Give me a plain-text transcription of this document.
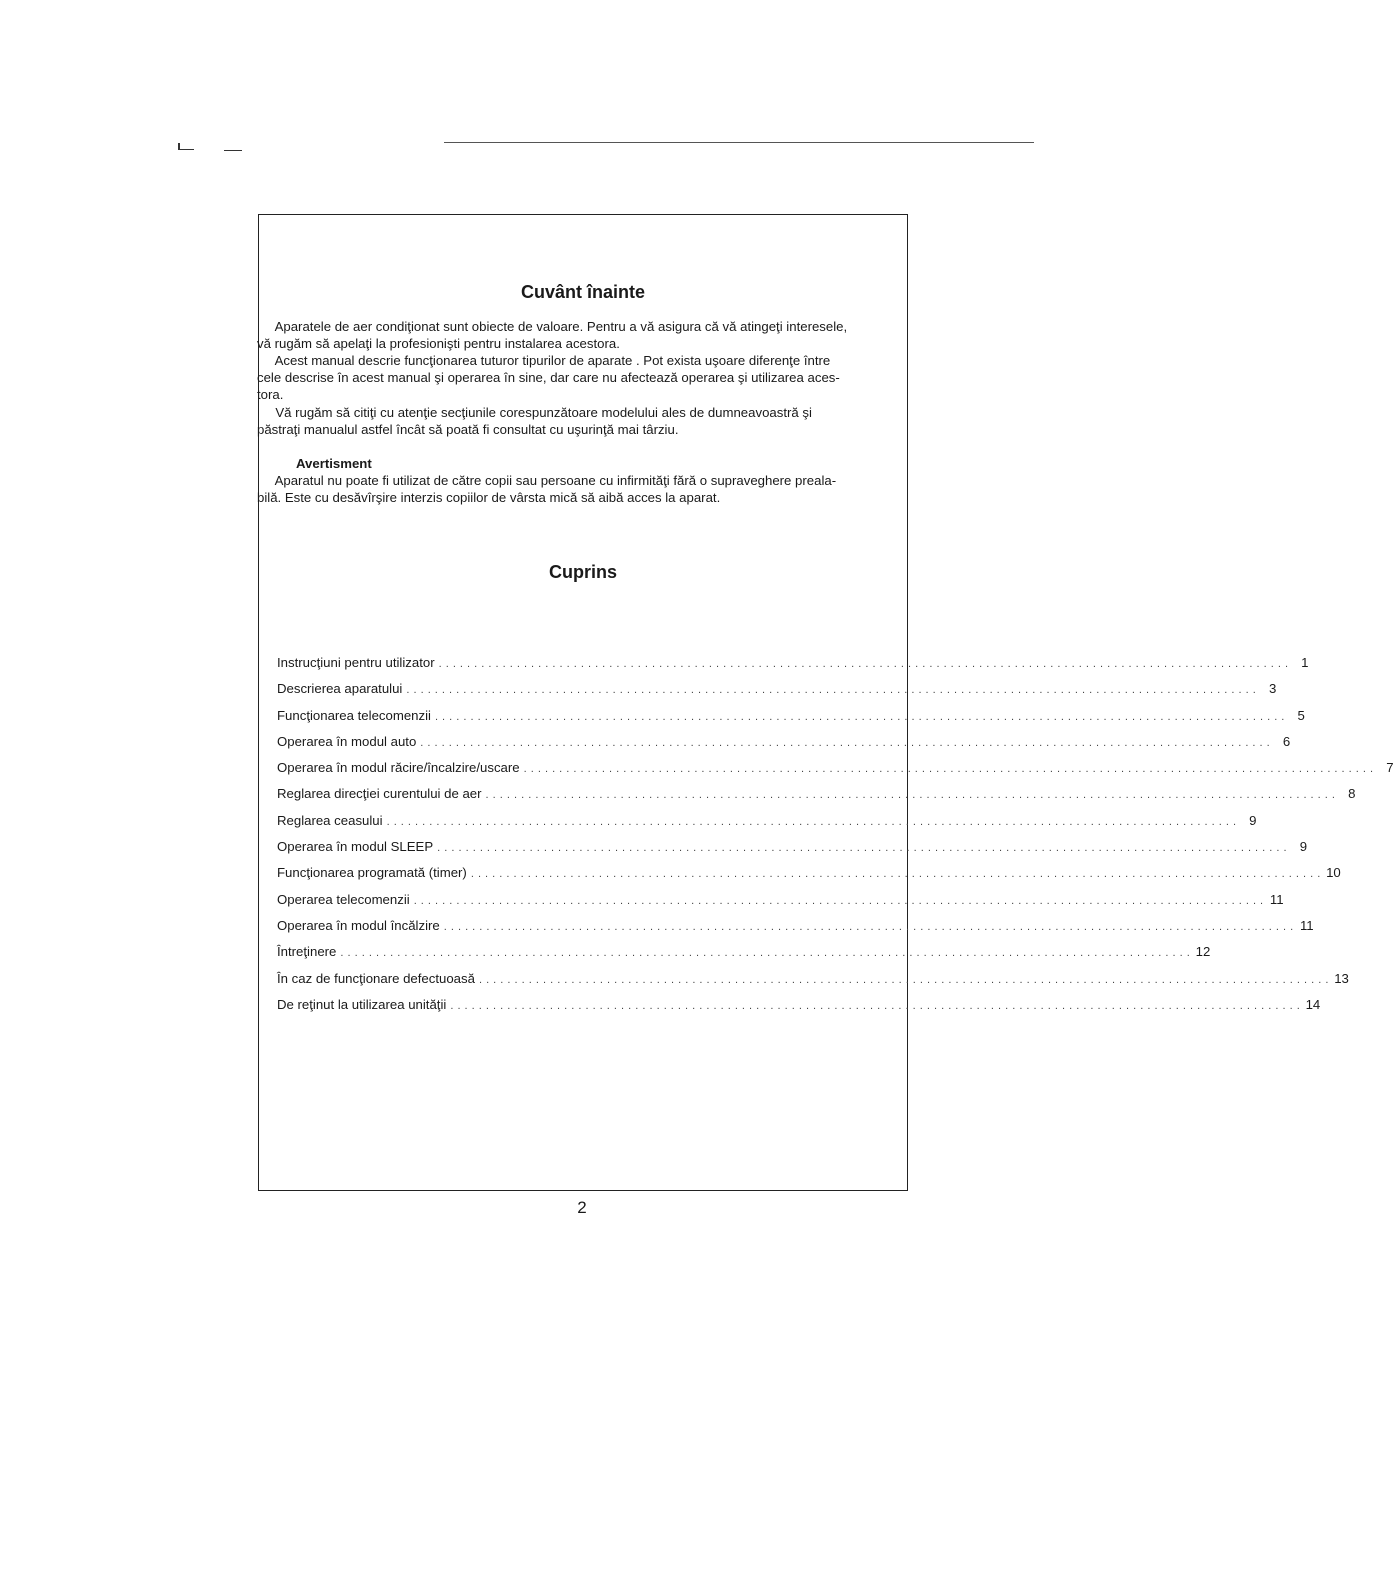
Cuvânt înainte

Aparatele de aer condiţionat sunt obiecte de valoare. Pentru a vă asigura că vă atingeţi interesele,
vă rugăm să apelaţi la profesionişti pentru instalarea acestora.

Acest manual descrie funcţionarea tuturor tipurilor de aparate . Pot exista uşoare diferenţe între
cele descrise în acest manual şi operarea în sine, dar care nu afectează operarea şi utilizarea aces-
tora.

Vă rugăm să citiţi cu atenţie secţiunile corespunzătoare modelului ales de dumneavoastră şi
păstraţi manualul astfel încât să poată fi consultat cu uşurinţă mai târziu.

Avertisment

Aparatul nu poate fi utilizat de către copii sau persoane cu infirmităţi fără o supraveghere preala-
bilă. Este cu desăvîrşire interzis copiilor de vârsta mică să aibă acces la aparat.

Cuprins
Instrucţiuni pentru utilizator . . . . . . . . . . . . . . . . . . . . . . . . . . . . . . . . . . . . . . . . . . . . . . . . . . . . . . . . . . . . . . . . . . . . . . . . . . . . . . . . . . . . . . . . . . . . . . . . . . . . . . . . . . . . . . . . . . . . . . . . 1
Descrierea aparatului . . . . . . . . . . . . . . . . . . . . . . . . . . . . . . . . . . . . . . . . . . . . . . . . . . . . . . . . . . . . . . . . . . . . . . . . . . . . . . . . . . . . . . . . . . . . . . . . . . . . . . . . . . . . . . . . . . . . . . . . 3
Funcţionarea telecomenzii . . . . . . . . . . . . . . . . . . . . . . . . . . . . . . . . . . . . . . . . . . . . . . . . . . . . . . . . . . . . . . . . . . . . . . . . . . . . . . . . . . . . . . . . . . . . . . . . . . . . . . . . . . . . . . . . . . . . . . . . 5
Operarea în modul auto . . . . . . . . . . . . . . . . . . . . . . . . . . . . . . . . . . . . . . . . . . . . . . . . . . . . . . . . . . . . . . . . . . . . . . . . . . . . . . . . . . . . . . . . . . . . . . . . . . . . . . . . . . . . . . . . . . . . . . . . 6
Operarea în modul răcire/încalzire/uscare . . . . . . . . . . . . . . . . . . . . . . . . . . . . . . . . . . . . . . . . . . . . . . . . . . . . . . . . . . . . . . . . . . . . . . . . . . . . . . . . . . . . . . . . . . . . . . . . . . . . . . . . . . . . . . . . . . . . . . . . 7
Reglarea direcţiei curentului de aer . . . . . . . . . . . . . . . . . . . . . . . . . . . . . . . . . . . . . . . . . . . . . . . . . . . . . . . . . . . . . . . . . . . . . . . . . . . . . . . . . . . . . . . . . . . . . . . . . . . . . . . . . . . . . . . . . . . . . . . . 8
Reglarea ceasului . . . . . . . . . . . . . . . . . . . . . . . . . . . . . . . . . . . . . . . . . . . . . . . . . . . . . . . . . . . . . . . . . . . . . . . . . . . . . . . . . . . . . . . . . . . . . . . . . . . . . . . . . . . . . . . . . . . . . . . . 9
Operarea în modul SLEEP . . . . . . . . . . . . . . . . . . . . . . . . . . . . . . . . . . . . . . . . . . . . . . . . . . . . . . . . . . . . . . . . . . . . . . . . . . . . . . . . . . . . . . . . . . . . . . . . . . . . . . . . . . . . . . . . . . . . . . . . 9
Funcţionarea programată (timer) . . . . . . . . . . . . . . . . . . . . . . . . . . . . . . . . . . . . . . . . . . . . . . . . . . . . . . . . . . . . . . . . . . . . . . . . . . . . . . . . . . . . . . . . . . . . . . . . . . . . . . . . . . . . . . . . . . . . . . . . 10
Operarea telecomenzii . . . . . . . . . . . . . . . . . . . . . . . . . . . . . . . . . . . . . . . . . . . . . . . . . . . . . . . . . . . . . . . . . . . . . . . . . . . . . . . . . . . . . . . . . . . . . . . . . . . . . . . . . . . . . . . . . . . . . . . . 11
Operarea în modul încălzire . . . . . . . . . . . . . . . . . . . . . . . . . . . . . . . . . . . . . . . . . . . . . . . . . . . . . . . . . . . . . . . . . . . . . . . . . . . . . . . . . . . . . . . . . . . . . . . . . . . . . . . . . . . . . . . . . . . . . . . . 11
Întreţinere . . . . . . . . . . . . . . . . . . . . . . . . . . . . . . . . . . . . . . . . . . . . . . . . . . . . . . . . . . . . . . . . . . . . . . . . . . . . . . . . . . . . . . . . . . . . . . . . . . . . . . . . . . . . . . . . . . . . . . . . 12
În caz de funcţionare defectuoasă . . . . . . . . . . . . . . . . . . . . . . . . . . . . . . . . . . . . . . . . . . . . . . . . . . . . . . . . . . . . . . . . . . . . . . . . . . . . . . . . . . . . . . . . . . . . . . . . . . . . . . . . . . . . . . . . . . . . . . . . 13
De reţinut la utilizarea unităţii . . . . . . . . . . . . . . . . . . . . . . . . . . . . . . . . . . . . . . . . . . . . . . . . . . . . . . . . . . . . . . . . . . . . . . . . . . . . . . . . . . . . . . . . . . . . . . . . . . . . . . . . . . . . . . . . . . . . . . . . 14

2
